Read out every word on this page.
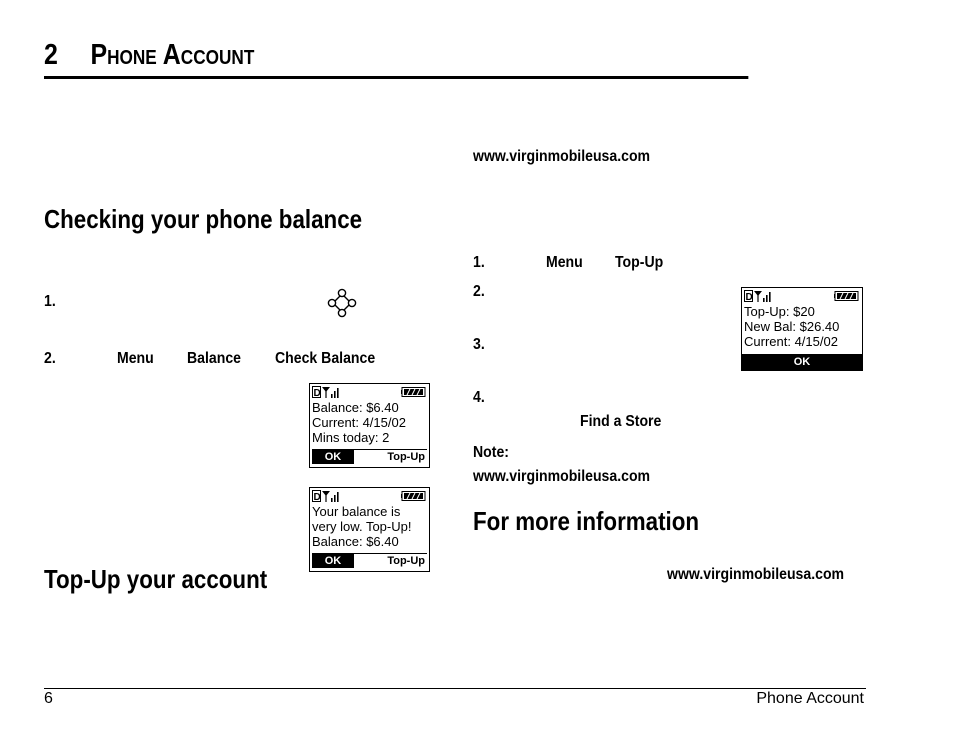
2 Phone Account
Checking your phone balance
1.
2.	Menu Balance Check Balance
D
Balance: $6.40
Current: 4/15/02
Mins today: 2
OK	Top-Up
D
Your balance is
very low. Top-Up!
Balance: $6.40
OK	Top-Up
Top-Up your account
www.virginmobileusa.com
1.	Menu Top-Up
2.
3.
4.
Find a Store
Note:
www.virginmobileusa.com
D
Top-Up: $20
New Bal: $26.40
Current: 4/15/02
OK
For more information
www.virginmobileusa.com
6	Phone Account
